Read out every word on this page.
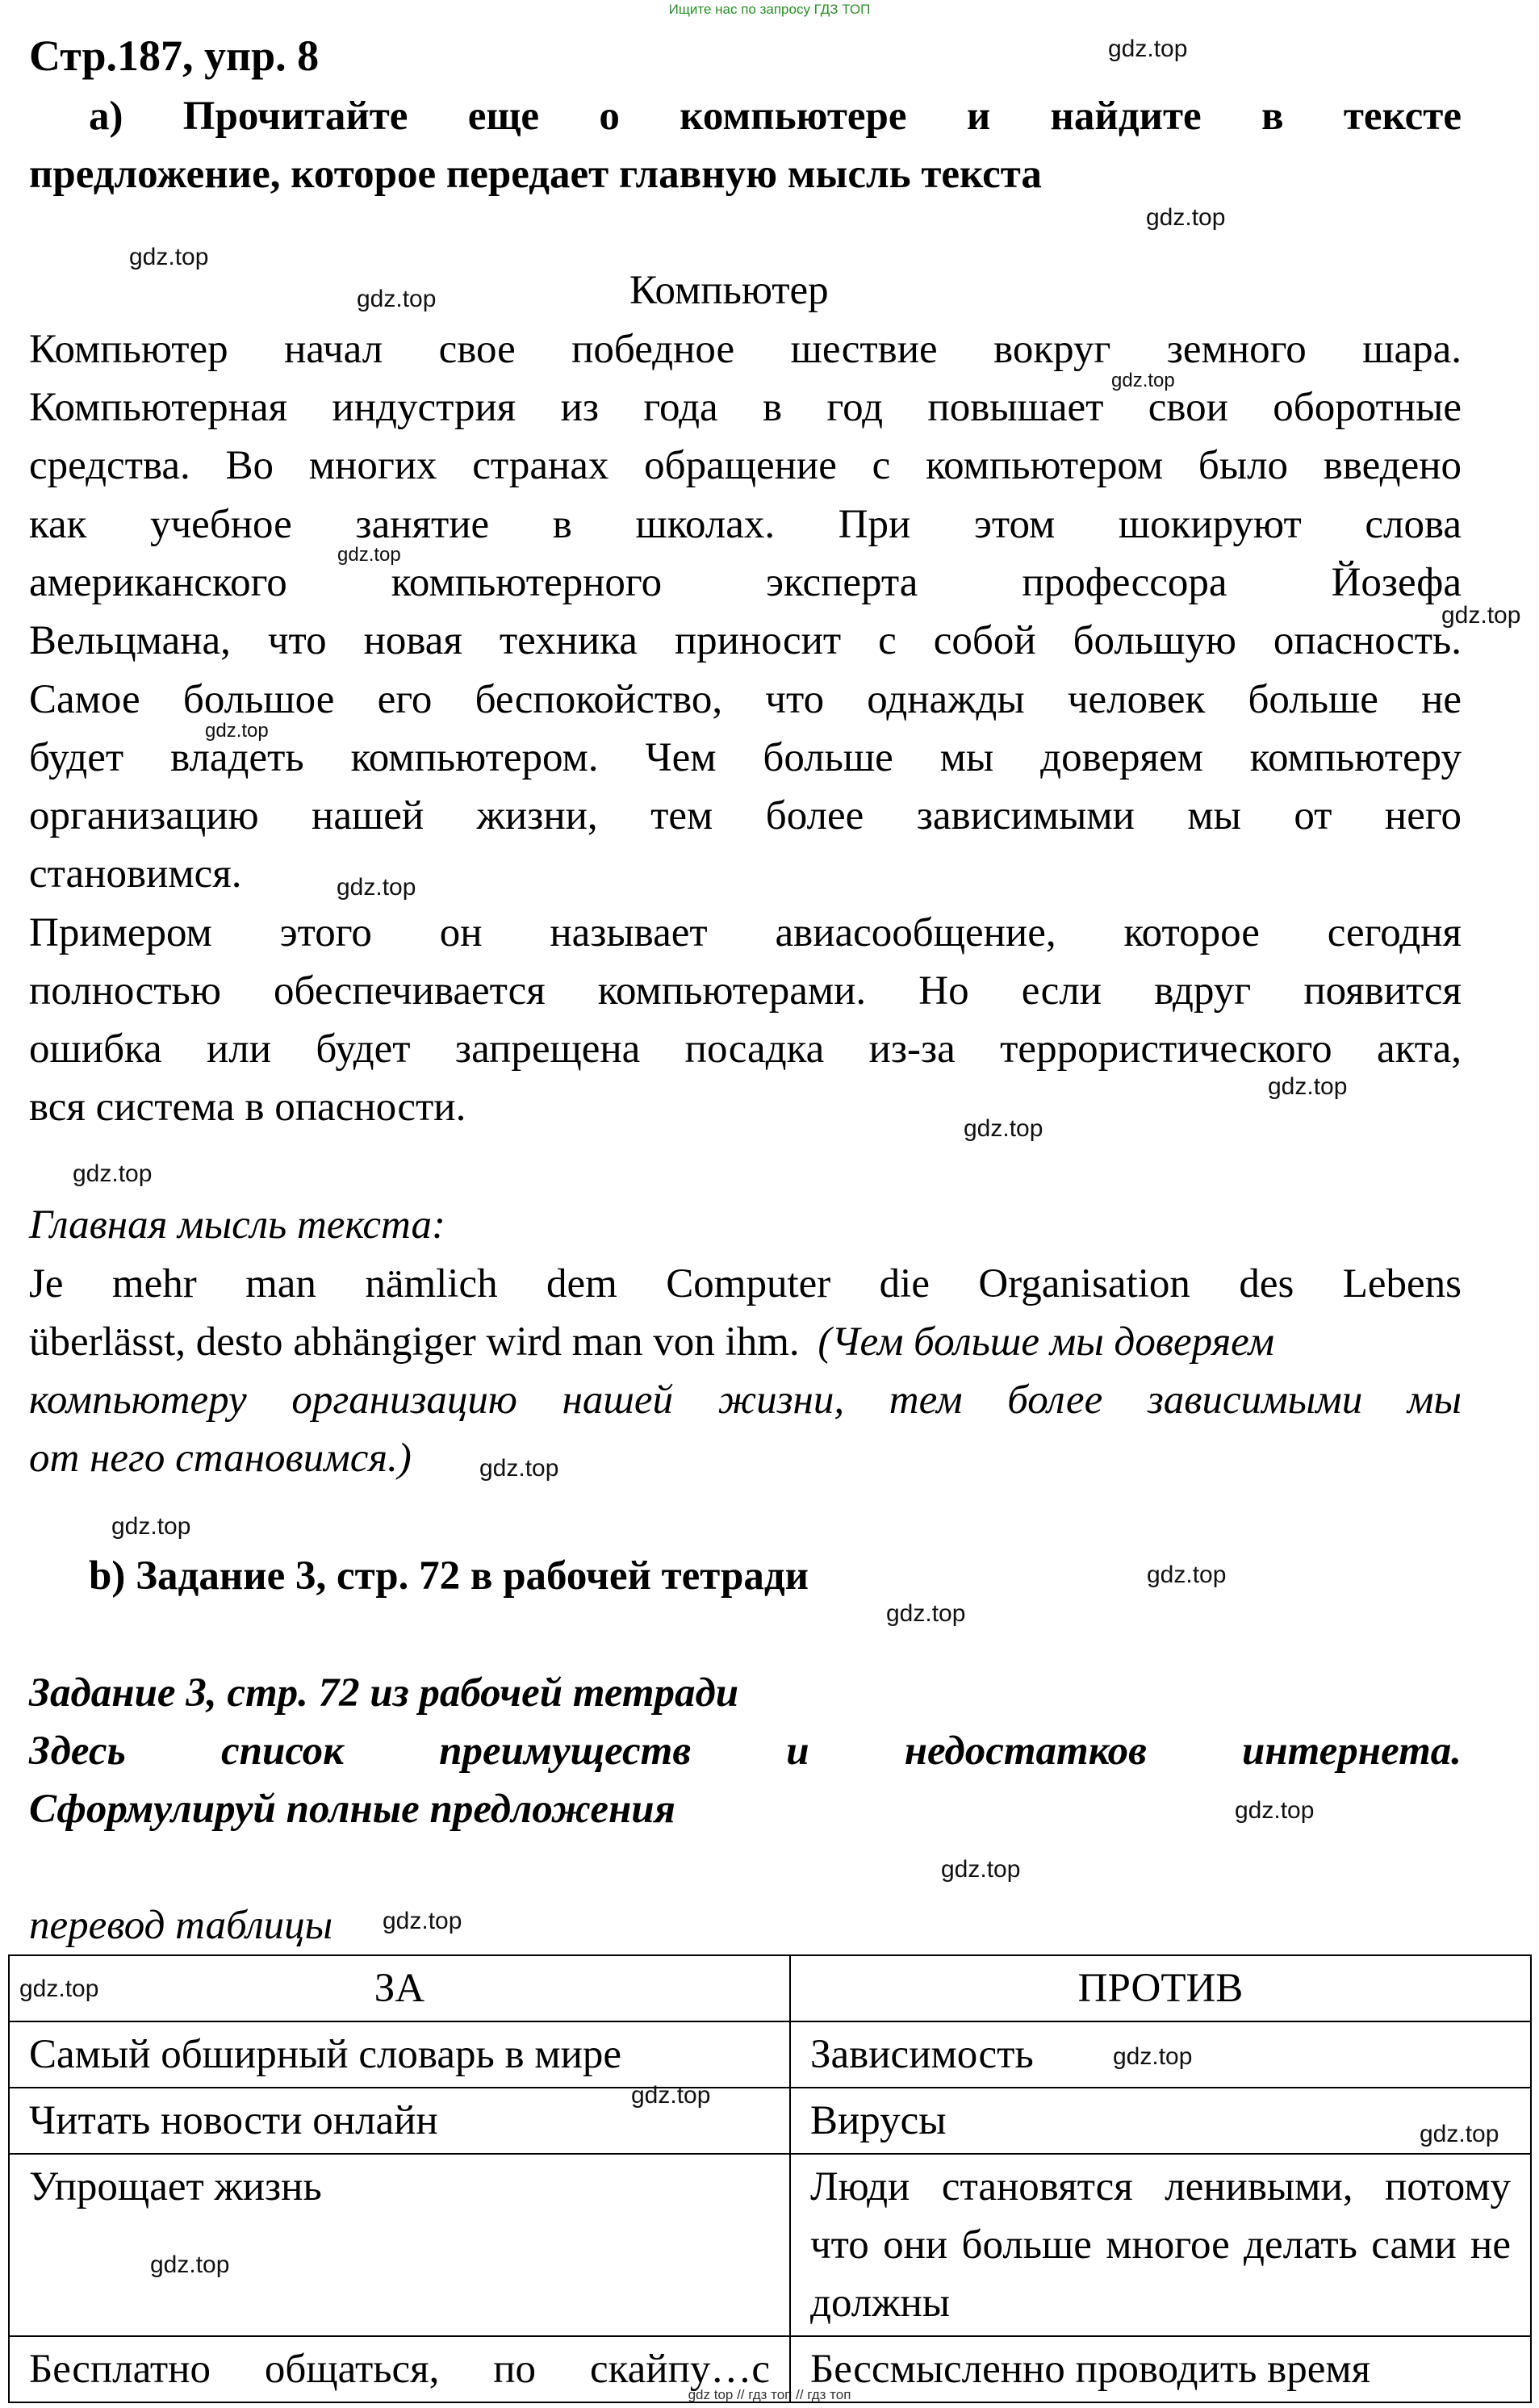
Ищите нас по запросу ГДЗ ТОП
gdz top // гдз топ // гдз топ
Стр.187, упр. 8
a) Прочитайте еще о компьютере и найдите в тексте
предложение, которое передает главную мысль текста
Компьютер
Компьютер начал свое победное шествие вокруг земного шара.
Компьютерная индустрия из года в год повышает свои оборотные
средства. Во многих странах обращение с компьютером было введено
как учебное занятие в школах. При этом шокируют слова
американского компьютерного эксперта профессора Йозефа
Вельцмана, что новая техника приносит с собой большую опасность.
Самое большое его беспокойство, что однажды человек больше не
будет владеть компьютером. Чем больше мы доверяем компьютеру
организацию нашей жизни, тем более зависимыми мы от него
становимся.
Примером этого он называет авиасообщение, которое сегодня
полностью обеспечивается компьютерами. Но если вдруг появится
ошибка или будет запрещена посадка из-за террористического акта,
вся система в опасности.
Главная мысль текста:
Je mehr man nämlich dem Computer die Organisation des Lebens
überlässt, desto abhängiger wird man von ihm. (Чем больше мы доверяем
компьютеру организацию нашей жизни, тем более зависимыми мы
от него становимся.)
b) Задание 3, стр. 72 в рабочей тетради
Задание 3, стр. 72 из рабочей тетради
Здесь список преимуществ и недостатков интернета.
Сформулируй полные предложения
перевод таблицы
ЗА	ПРОТИВ
Самый обширный словарь в мире	Зависимость
Читать новости онлайн	Вирусы
Упрощает жизнь	Люди становятся ленивыми, потому что они больше многое делать сами не должны
Бесплатно общаться, по скайпу…с	Бессмысленно проводить время
gdz.top
gdz.top
gdz.top
gdz.top
gdz.top
gdz.top
gdz.top
gdz.top
gdz.top
gdz.top
gdz.top
gdz.top
gdz.top
gdz.top
gdz.top
gdz.top
gdz.top
gdz.top
gdz.top
gdz.top
gdz.top
gdz.top
gdz.top
gdz.top
